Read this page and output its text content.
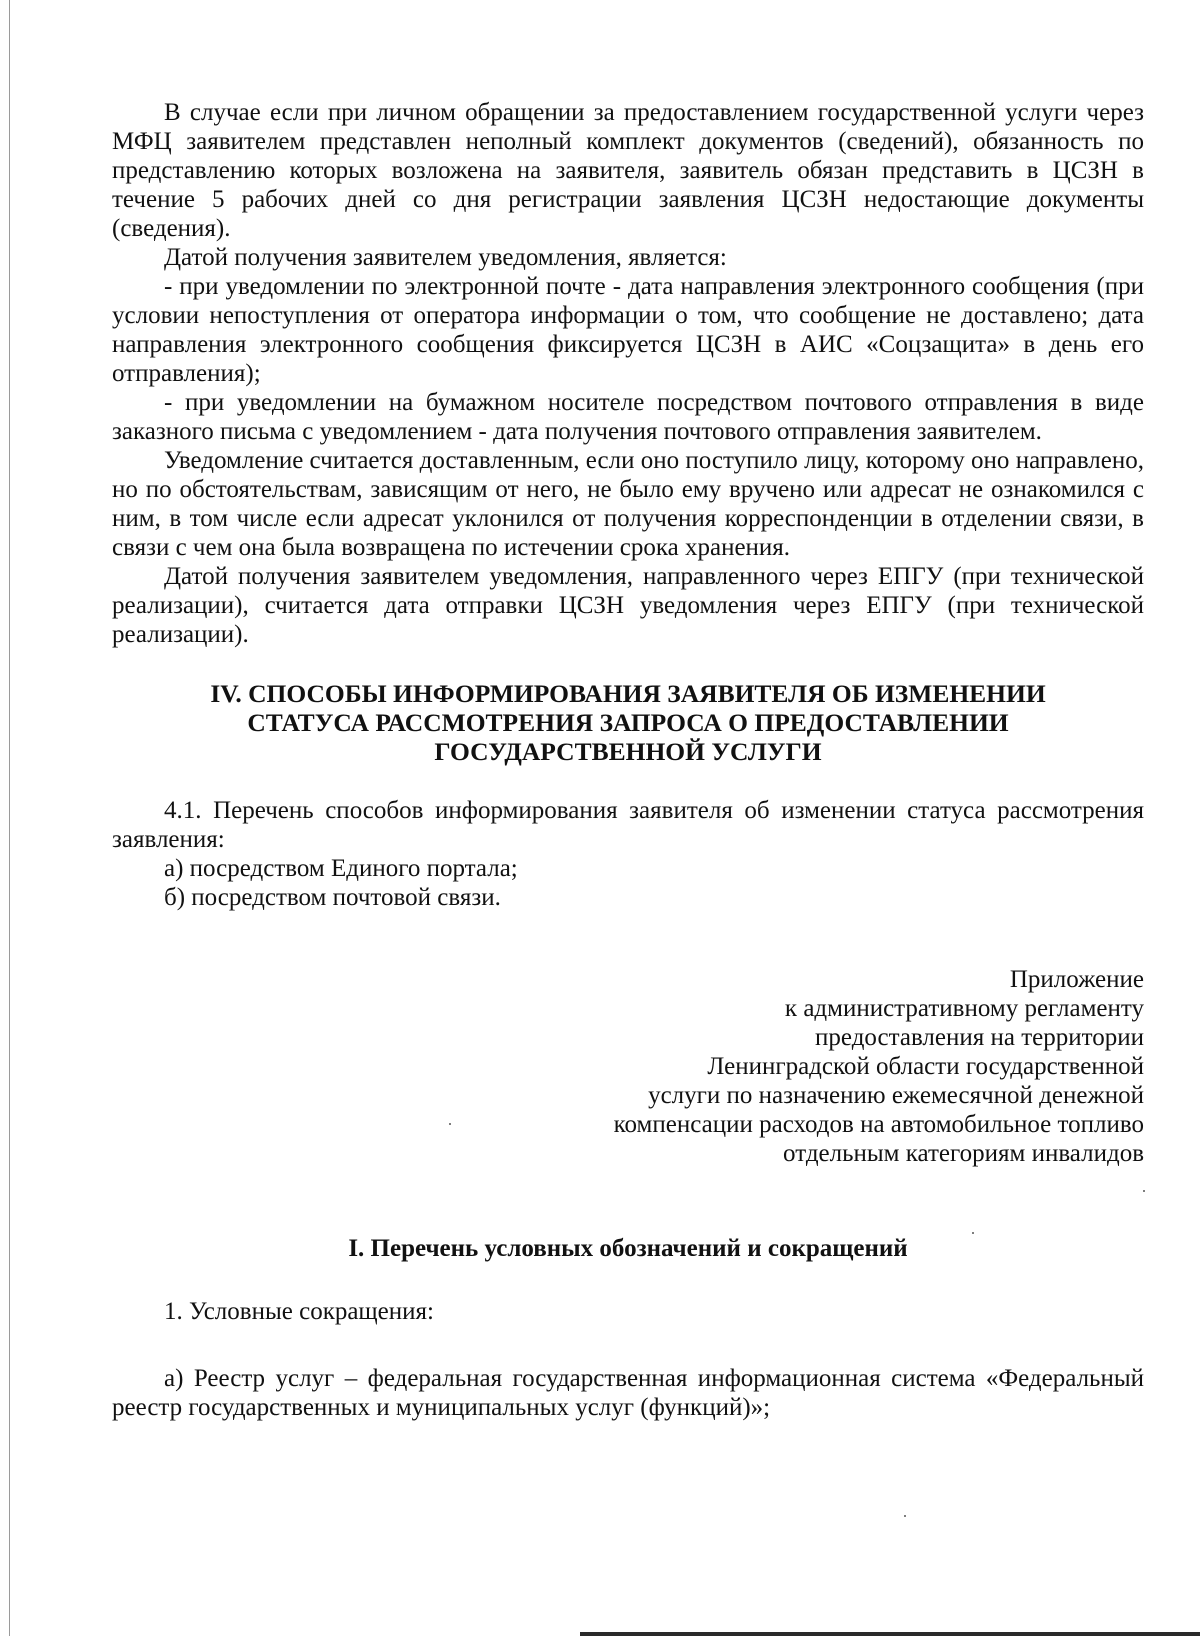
В случае если при личном обращении за предоставлением государственной услуги через МФЦ заявителем представлен неполный комплект документов (сведений), обязанность по представлению которых возложена на заявителя, заявитель обязан представить в ЦСЗН в течение 5 рабочих дней со дня регистрации заявления ЦСЗН недостающие документы (сведения).

Датой получения заявителем уведомления, является:

- при уведомлении по электронной почте - дата направления электронного сообщения (при условии непоступления от оператора информации о том, что сообщение не доставлено; дата направления электронного сообщения фиксируется ЦСЗН в АИС «Соцзащита» в день его отправления);

- при уведомлении на бумажном носителе посредством почтового отправления в виде заказного письма с уведомлением - дата получения почтового отправления заявителем.

Уведомление считается доставленным, если оно поступило лицу, которому оно направлено, но по обстоятельствам, зависящим от него, не было ему вручено или адресат не ознакомился с ним, в том числе если адресат уклонился от получения корреспонденции в отделении связи, в связи с чем она была возвращена по истечении срока хранения.

Датой получения заявителем уведомления, направленного через ЕПГУ (при технической реализации), считается дата отправки ЦСЗН уведомления через ЕПГУ (при технической реализации).

IV. СПОСОБЫ ИНФОРМИРОВАНИЯ ЗАЯВИТЕЛЯ ОБ ИЗМЕНЕНИИ СТАТУСА РАССМОТРЕНИЯ ЗАПРОСА О ПРЕДОСТАВЛЕНИИ ГОСУДАРСТВЕННОЙ УСЛУГИ

4.1. Перечень способов информирования заявителя об изменении статуса рассмотрения заявления:

а) посредством Единого портала;

б) посредством почтовой связи.

Приложение
к административному регламенту
предоставления на территории
Ленинградской области государственной
услуги по назначению ежемесячной денежной
компенсации расходов на автомобильное топливо
отдельным категориям инвалидов
I. Перечень условных обозначений и сокращений

1. Условные сокращения:

а) Реестр услуг – федеральная государственная информационная система «Федеральный реестр государственных и муниципальных услуг (функций)»;
